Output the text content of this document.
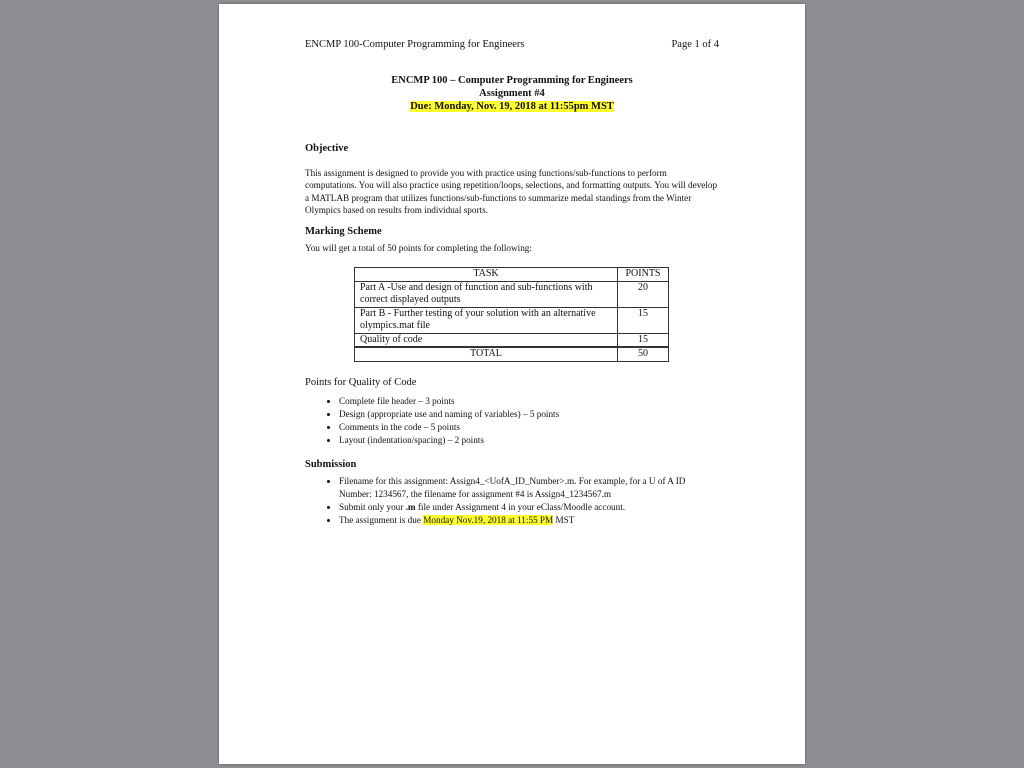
ENCMP 100-Computer Programming for Engineers	Page 1 of 4
ENCMP 100 – Computer Programming for Engineers
Assignment #4
Due: Monday, Nov. 19, 2018 at 11:55pm MST
Objective
This assignment is designed to provide you with practice using functions/sub-functions to perform computations. You will also practice using repetition/loops, selections, and formatting outputs. You will develop a MATLAB program that utilizes functions/sub-functions to summarize medal standings from the Winter Olympics based on results from individual sports.
Marking Scheme
You will get a total of 50 points for completing the following:
TASK	POINTS
Part A -Use and design of function and sub-functions with correct displayed outputs	20
Part B - Further testing of your solution with an alternative olympics.mat file	15
Quality of code	15
TOTAL	50
Points for Quality of Code
• Complete file header – 3 points
• Design (appropriate use and naming of variables) – 5 points
• Comments in the code – 5 points
• Layout (indentation/spacing) – 2 points
Submission
• Filename for this assignment: Assign4_<UofA_ID_Number>.m. For example, for a U of A ID Number: 1234567, the filename for assignment #4 is Assign4_1234567.m
• Submit only your .m file under Assignment 4 in your eClass/Moodle account.
• The assignment is due Monday Nov.19, 2018 at 11:55 PM MST
